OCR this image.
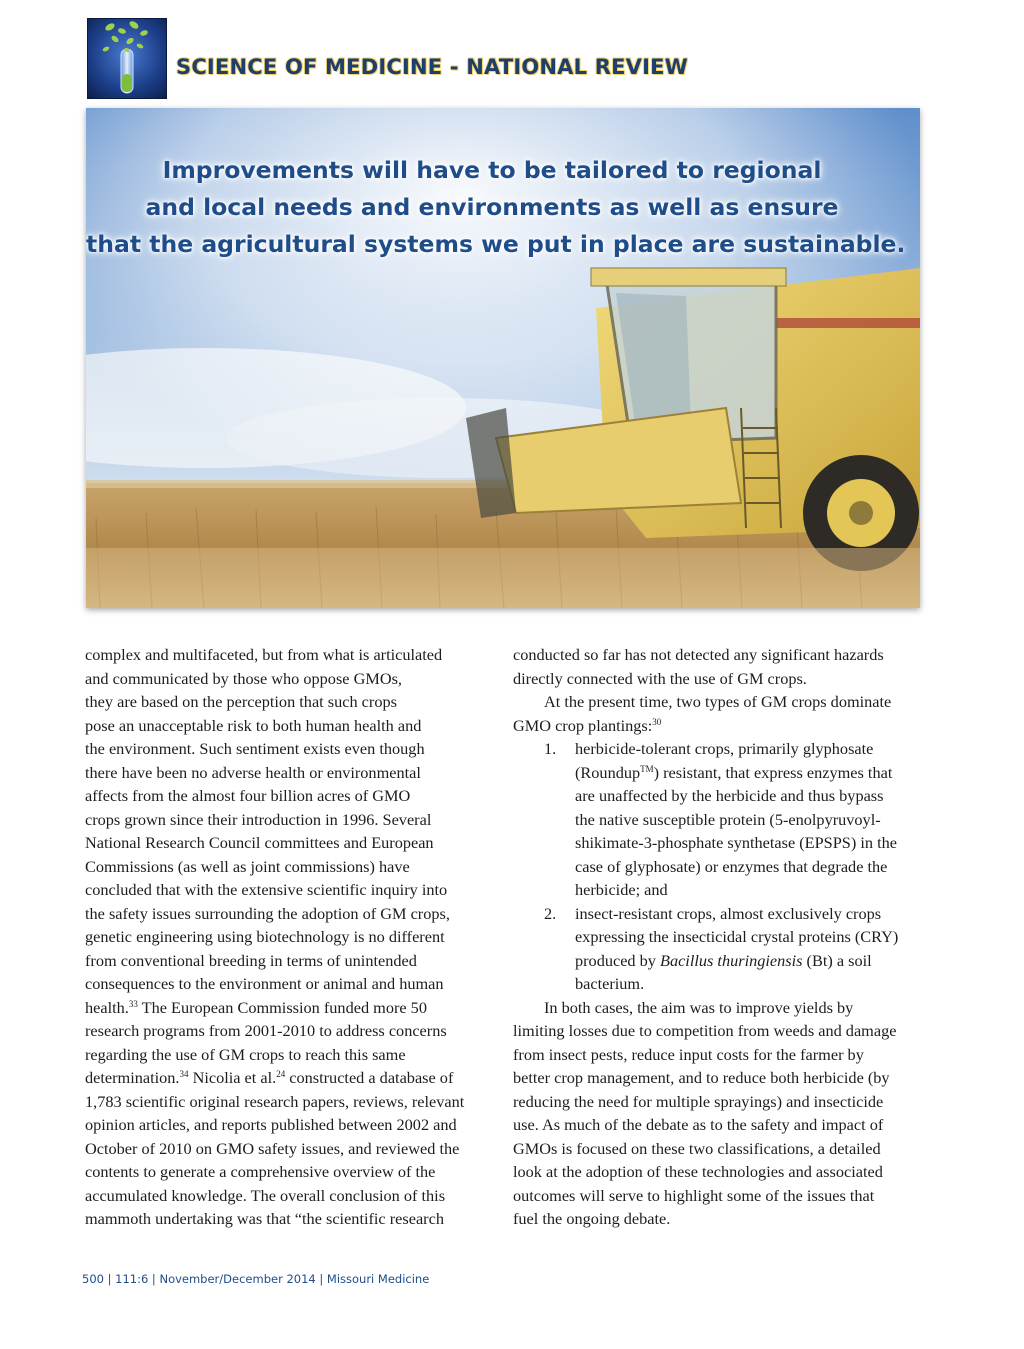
SCIENCE OF MEDICINE - NATIONAL REVIEW
Improvements will have to be tailored to regional
and local needs and environments as well as ensure
that the agricultural systems we put in place are sustainable.
complex and multifaceted, but from what is articulated
and communicated by those who oppose GMOs,
they are based on the perception that such crops
pose an unacceptable risk to both human health and
the environment. Such sentiment exists even though
there have been no adverse health or environmental
affects from the almost four billion acres of GMO
crops grown since their introduction in 1996. Several
National Research Council committees and European
Commissions (as well as joint commissions) have
concluded that with the extensive scientific inquiry into
the safety issues surrounding the adoption of GM crops,
genetic engineering using biotechnology is no different
from conventional breeding in terms of unintended
consequences to the environment or animal and human
health.$^{33}$ The European Commission funded more 50
research programs from 2001-2010 to address concerns
regarding the use of GM crops to reach this same
determination.$^{34}$ Nicolia et al.$^{24}$ constructed a database of
1,783 scientific original research papers, reviews, relevant
opinion articles, and reports published between 2002 and
October of 2010 on GMO safety issues, and reviewed the
contents to generate a comprehensive overview of the
accumulated knowledge. The overall conclusion of this
mammoth undertaking was that “the scientific research
conducted so far has not detected any significant hazards
directly connected with the use of GM crops.
At the present time, two types of GM crops dominate
GMO crop plantings:$^{30}$
1. herbicide-tolerant crops, primarily glyphosate
(Roundup™) resistant, that express enzymes that
are unaffected by the herbicide and thus bypass
the native susceptible protein (5-enolpyruvoyl-
shikimate-3-phosphate synthetase (EPSPS) in the
case of glyphosate) or enzymes that degrade the
herbicide; and
2. insect-resistant crops, almost exclusively crops
expressing the insecticidal crystal proteins (CRY)
produced by Bacillus thuringiensis (Bt) a soil
bacterium.
In both cases, the aim was to improve yields by
limiting losses due to competition from weeds and damage
from insect pests, reduce input costs for the farmer by
better crop management, and to reduce both herbicide (by
reducing the need for multiple sprayings) and insecticide
use. As much of the debate as to the safety and impact of
GMOs is focused on these two classifications, a detailed
look at the adoption of these technologies and associated
outcomes will serve to highlight some of the issues that
fuel the ongoing debate.
500 | 111:6 | November/December 2014 | Missouri Medicine
